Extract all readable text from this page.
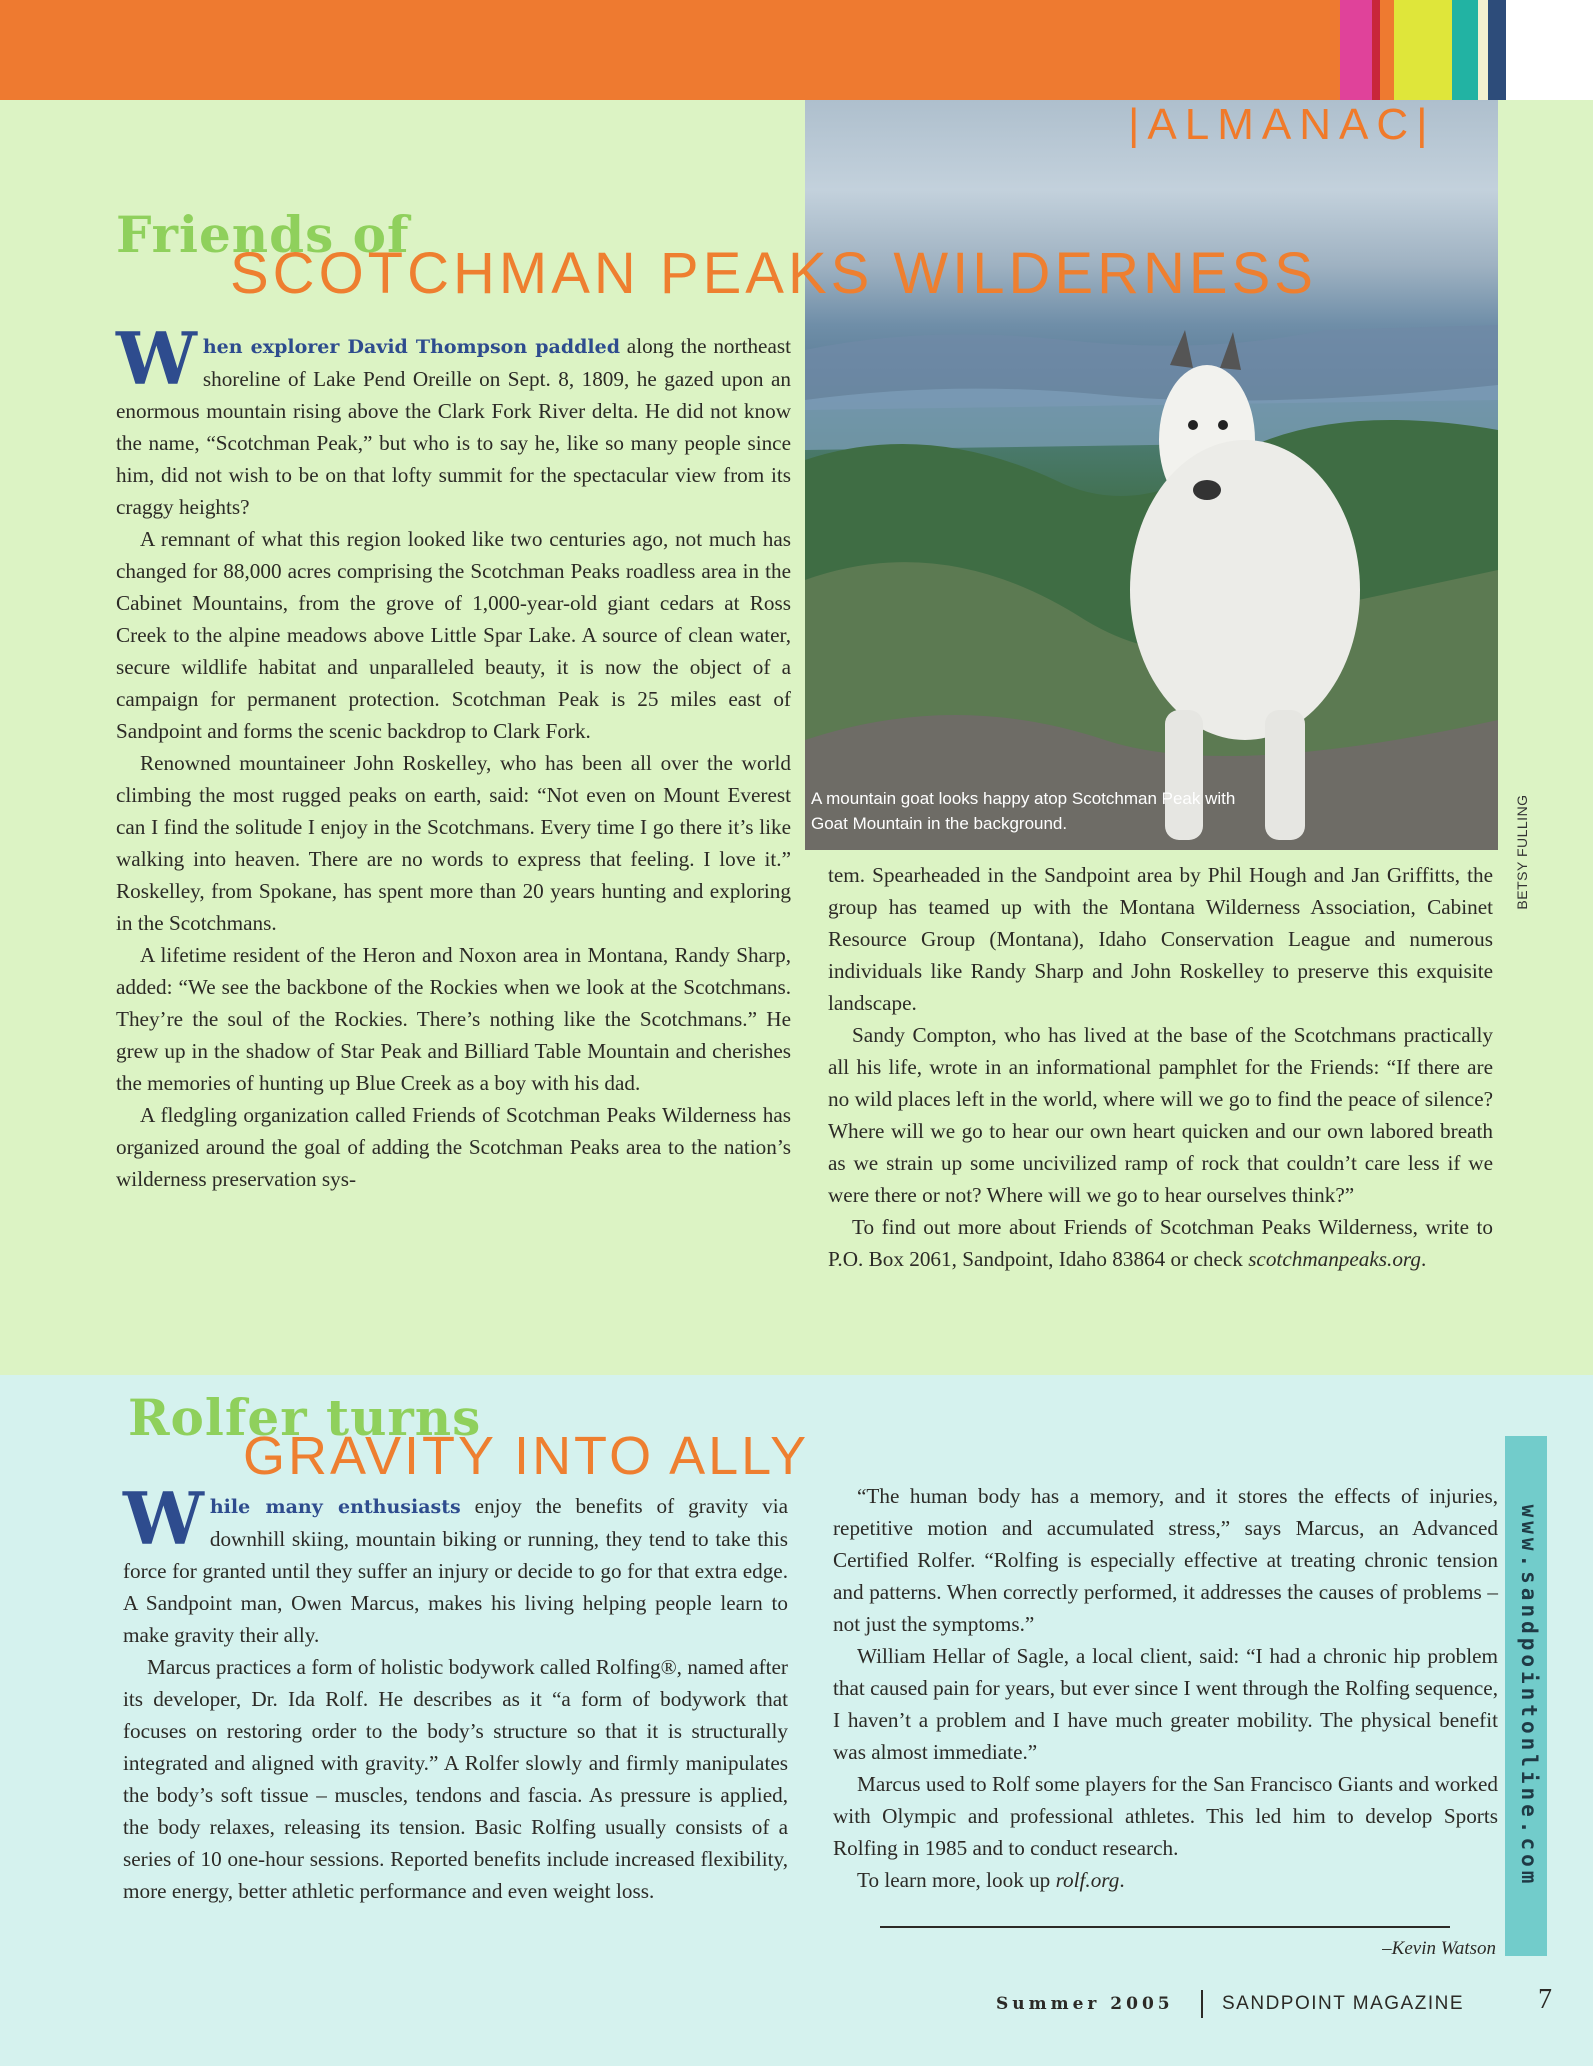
A mountain goat looks happy atop Scotchman Peak with Goat Mountain in the background.	BETSY FULLING
|ALMANAC|
Friends of
SCOTCHMAN PEAKS WILDERNESS

When explorer David Thompson paddled along the northeast shoreline of Lake Pend Oreille on Sept. 8, 1809, he gazed upon an enormous mountain rising above the Clark Fork River delta. He did not know the name, “Scotchman Peak,” but who is to say he, like so many people since him, did not wish to be on that lofty summit for the spectacular view from its craggy heights?

A remnant of what this region looked like two centuries ago, not much has changed for 88,000 acres comprising the Scotchman Peaks roadless area in the Cabinet Mountains, from the grove of 1,000-year-old giant cedars at Ross Creek to the alpine meadows above Little Spar Lake. A source of clean water, secure wildlife habitat and unparalleled beauty, it is now the object of a campaign for permanent protection. Scotchman Peak is 25 miles east of Sandpoint and forms the scenic backdrop to Clark Fork.

Renowned mountaineer John Roskelley, who has been all over the world climbing the most rugged peaks on earth, said: “Not even on Mount Everest can I find the solitude I enjoy in the Scotchmans. Every time I go there it’s like walking into heaven. There are no words to express that feeling. I love it.” Roskelley, from Spokane, has spent more than 20 years hunting and exploring in the Scotchmans.

A lifetime resident of the Heron and Noxon area in Montana, Randy Sharp, added: “We see the backbone of the Rockies when we look at the Scotchmans. They’re the soul of the Rockies. There’s nothing like the Scotchmans.” He grew up in the shadow of Star Peak and Billiard Table Mountain and cherishes the memories of hunting up Blue Creek as a boy with his dad.

A fledgling organization called Friends of Scotchman Peaks Wilderness has organized around the goal of adding the Scotchman Peaks area to the nation’s wilderness preservation sys-

tem. Spearheaded in the Sandpoint area by Phil Hough and Jan Griffitts, the group has teamed up with the Montana Wilderness Association, Cabinet Resource Group (Montana), Idaho Conservation League and numerous individuals like Randy Sharp and John Roskelley to preserve this exquisite landscape.

Sandy Compton, who has lived at the base of the Scotchmans practically all his life, wrote in an informational pamphlet for the Friends: “If there are no wild places left in the world, where will we go to find the peace of silence? Where will we go to hear our own heart quicken and our own labored breath as we strain up some uncivilized ramp of rock that couldn’t care less if we were there or not? Where will we go to hear ourselves think?”

To find out more about Friends of Scotchman Peaks Wilderness, write to P.O. Box 2061, Sandpoint, Idaho 83864 or check scotchmanpeaks.org.

Rolfer turns
GRAVITY INTO ALLY

While many enthusiasts enjoy the benefits of gravity via downhill skiing, mountain biking or running, they tend to take this force for granted until they suffer an injury or decide to go for that extra edge. A Sandpoint man, Owen Marcus, makes his living helping people learn to make gravity their ally.

Marcus practices a form of holistic bodywork called Rolfing®, named after its developer, Dr. Ida Rolf. He describes as it “a form of bodywork that focuses on restoring order to the body’s structure so that it is structurally integrated and aligned with gravity.” A Rolfer slowly and firmly manipulates the body’s soft tissue – muscles, tendons and fascia. As pressure is applied, the body relaxes, releasing its tension. Basic Rolfing usually consists of a series of 10 one-hour sessions. Reported benefits include increased flexibility, more energy, better athletic performance and even weight loss.

“The human body has a memory, and it stores the effects of injuries, repetitive motion and accumulated stress,” says Marcus, an Advanced Certified Rolfer. “Rolfing is especially effective at treating chronic tension and patterns. When correctly performed, it addresses the causes of problems – not just the symptoms.”

William Hellar of Sagle, a local client, said: “I had a chronic hip problem that caused pain for years, but ever since I went through the Rolfing sequence, I haven’t a problem and I have much greater mobility. The physical benefit was almost immediate.”

Marcus used to Rolf some players for the San Francisco Giants and worked with Olympic and professional athletes. This led him to develop Sports Rolfing in 1985 and to conduct research.

To learn more, look up rolf.org.

–Kevin Watson
www.sandpointonline.com
Summer 2005	SANDPOINT MAGAZINE	7
